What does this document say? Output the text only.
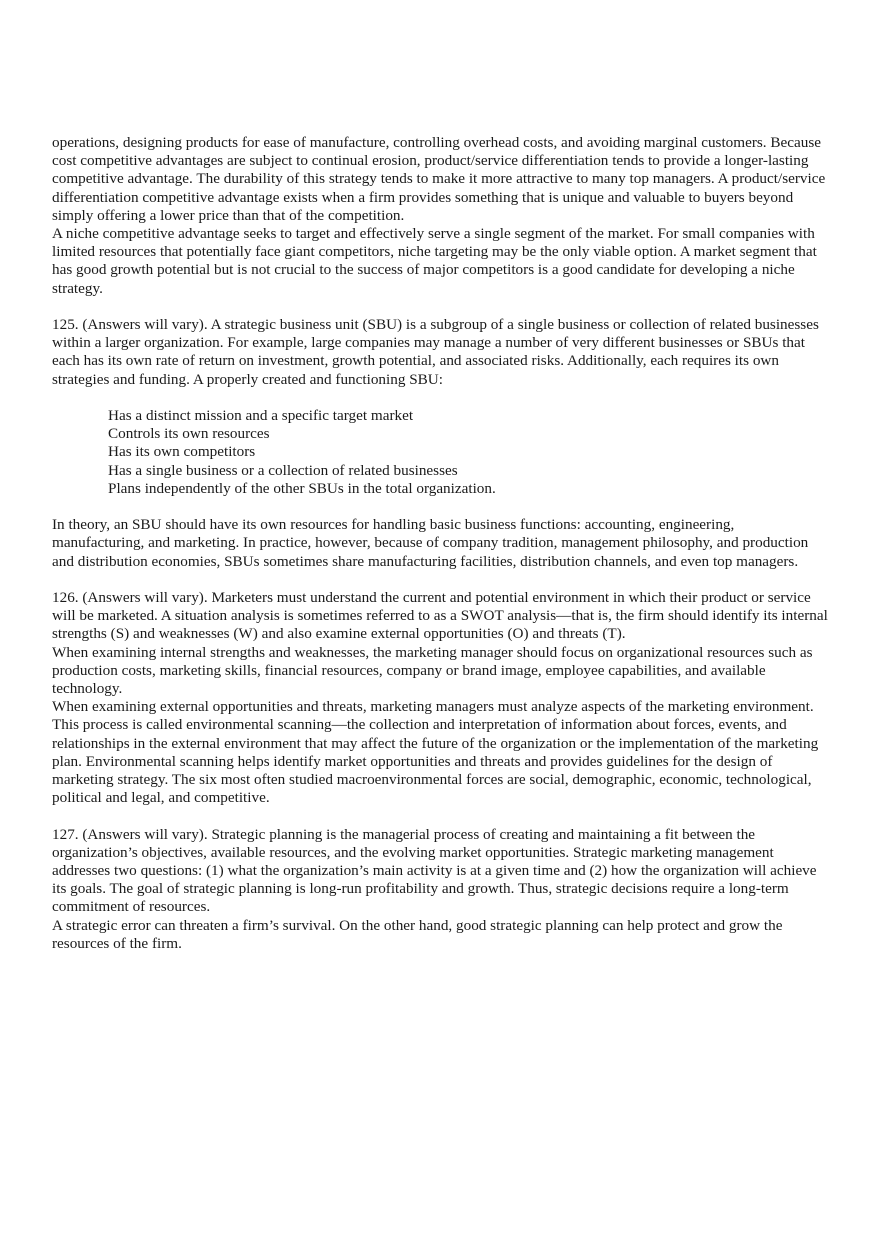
operations, designing products for ease of manufacture, controlling overhead costs, and avoiding marginal customers. Because cost competitive advantages are subject to continual erosion, product/service differentiation tends to provide a longer-lasting competitive advantage. The durability of this strategy tends to make it more attractive to many top managers. A product/service differentiation competitive advantage exists when a firm provides something that is unique and valuable to buyers beyond simply offering a lower price than that of the competition.

A niche competitive advantage seeks to target and effectively serve a single segment of the market. For small companies with limited resources that potentially face giant competitors, niche targeting may be the only viable option. A market segment that has good growth potential but is not crucial to the success of major competitors is a good candidate for developing a niche strategy.

125. (Answers will vary). A strategic business unit (SBU) is a subgroup of a single business or collection of related businesses within a larger organization. For example, large companies may manage a number of very different businesses or SBUs that each has its own rate of return on investment, growth potential, and associated risks. Additionally, each requires its own strategies and funding. A properly created and functioning SBU:

Has a distinct mission and a specific target market
Controls its own resources
Has its own competitors
Has a single business or a collection of related businesses
Plans independently of the other SBUs in the total organization.

In theory, an SBU should have its own resources for handling basic business functions: accounting, engineering, manufacturing, and marketing. In practice, however, because of company tradition, management philosophy, and production and distribution economies, SBUs sometimes share manufacturing facilities, distribution channels, and even top managers.

126. (Answers will vary). Marketers must understand the current and potential environment in which their product or service will be marketed. A situation analysis is sometimes referred to as a SWOT analysis—that is, the firm should identify its internal strengths (S) and weaknesses (W) and also examine external opportunities (O) and threats (T).

When examining internal strengths and weaknesses, the marketing manager should focus on organizational resources such as production costs, marketing skills, financial resources, company or brand image, employee capabilities, and available technology.

When examining external opportunities and threats, marketing managers must analyze aspects of the marketing environment. This process is called environmental scanning—the collection and interpretation of information about forces, events, and relationships in the external environment that may affect the future of the organization or the implementation of the marketing plan. Environmental scanning helps identify market opportunities and threats and provides guidelines for the design of marketing strategy. The six most often studied macroenvironmental forces are social, demographic, economic, technological, political and legal, and competitive.

127. (Answers will vary). Strategic planning is the managerial process of creating and maintaining a fit between the organization’s objectives, available resources, and the evolving market opportunities. Strategic marketing management addresses two questions: (1) what the organization’s main activity is at a given time and (2) how the organization will achieve its goals. The goal of strategic planning is long-run profitability and growth. Thus, strategic decisions require a long-term commitment of resources.

A strategic error can threaten a firm’s survival. On the other hand, good strategic planning can help protect and grow the resources of the firm.
